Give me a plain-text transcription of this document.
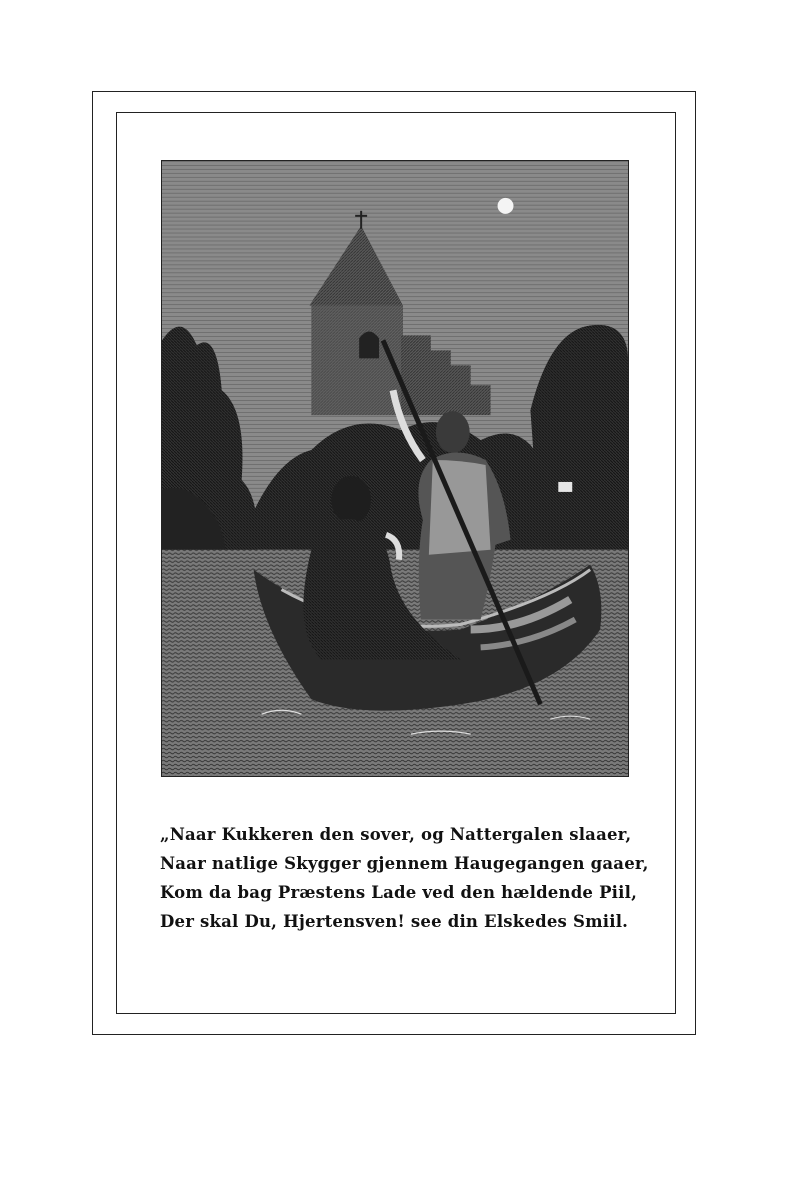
„Naar Kukkeren den sover, og Nattergalen slaaer,
Naar natlige Skygger gjennem Haugegangen gaaer,
Kom da bag Præstens Lade ved den hældende Piil,
Der skal Du, Hjertensven! see din Elskedes Smiil.
